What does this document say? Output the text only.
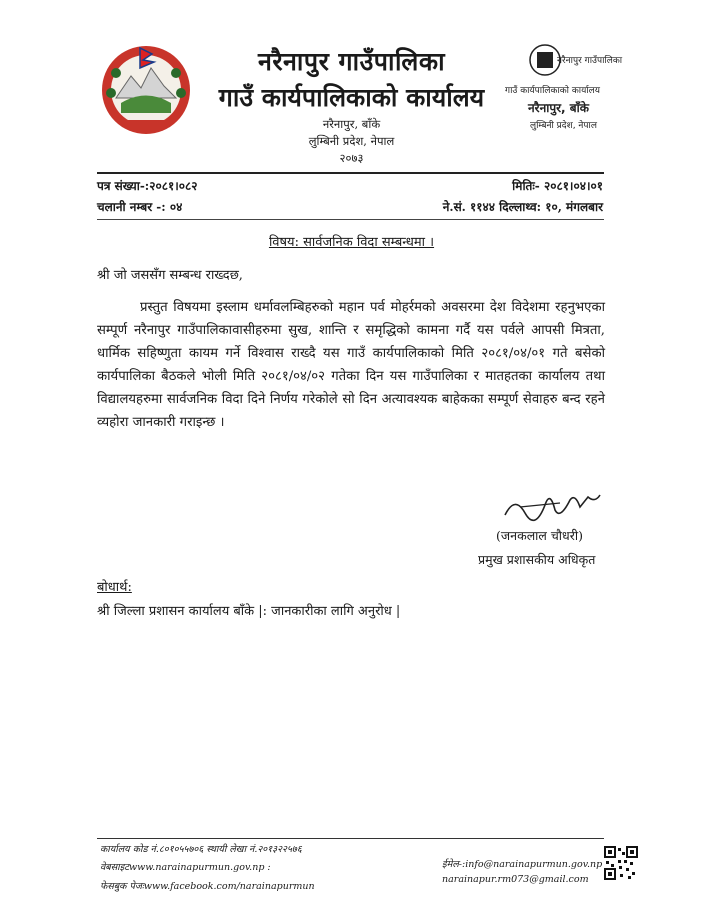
नरैनापुर गाउँपालिका
गाउँ कार्यपालिकाको कार्यालय
नरैनापुर, बाँके
लुम्बिनी प्रदेश, नेपाल
२०७३
नरैनापुर गाउँपालिका
गाउँ कार्यपालिकाको कार्यालय
नरैनापुर, बाँके
लुम्बिनी प्रदेश, नेपाल
पत्र संख्या-:२०८१।०८२
चलानी नम्बर -: ०४
मितिः- २०८१।०४।०१
ने.सं. ११४४ दिल्लाथ्व: १०, मंगलबार
विषय: सार्वजनिक विदा सम्बन्धमा ।
श्री जो जससँग सम्बन्ध राख्दछ,
प्रस्तुत विषयमा इस्लाम धर्मावलम्बिहरुको महान पर्व मोहर्रमको अवसरमा देश विदेशमा रहनुभएका सम्पूर्ण नरैनापुर गाउँपालिकावासीहरुमा सुख, शान्ति र समृद्धिको कामना गर्दै यस पर्वले आपसी मित्रता, धार्मिक सहिष्णुता कायम गर्ने विश्वास राख्दै यस गाउँ कार्यपालिकाको मिति २०८१/०४/०१ गते बसेको कार्यपालिका बैठकले भोली मिति २०८१/०४/०२ गतेका दिन यस गाउँपालिका र मातहतका कार्यालय तथा विद्यालयहरुमा सार्वजनिक विदा दिने निर्णय गरेकोले सो दिन अत्यावश्यक बाहेकका सम्पूर्ण सेवाहरु बन्द रहने व्यहोरा जानकारी गराइन्छ ।
(जनकलाल चौधरी)
प्रमुख प्रशासकीय अधिकृत
बोधार्थ:
श्री जिल्ला प्रशासन कार्यालय बाँके |: जानकारीका लागि अनुरोध |
कार्यालय कोड नं.८०१०५५७०६ स्थायी लेखा नं.२०१३२२५७६
वेबसाइटwww.narainapurmun.gov.np :
फेसबुक पेजःwww.facebook.com/narainapurmun
ईमेल-:info@narainapurmun.gov.np
narainapur.rm073@gmail.com
